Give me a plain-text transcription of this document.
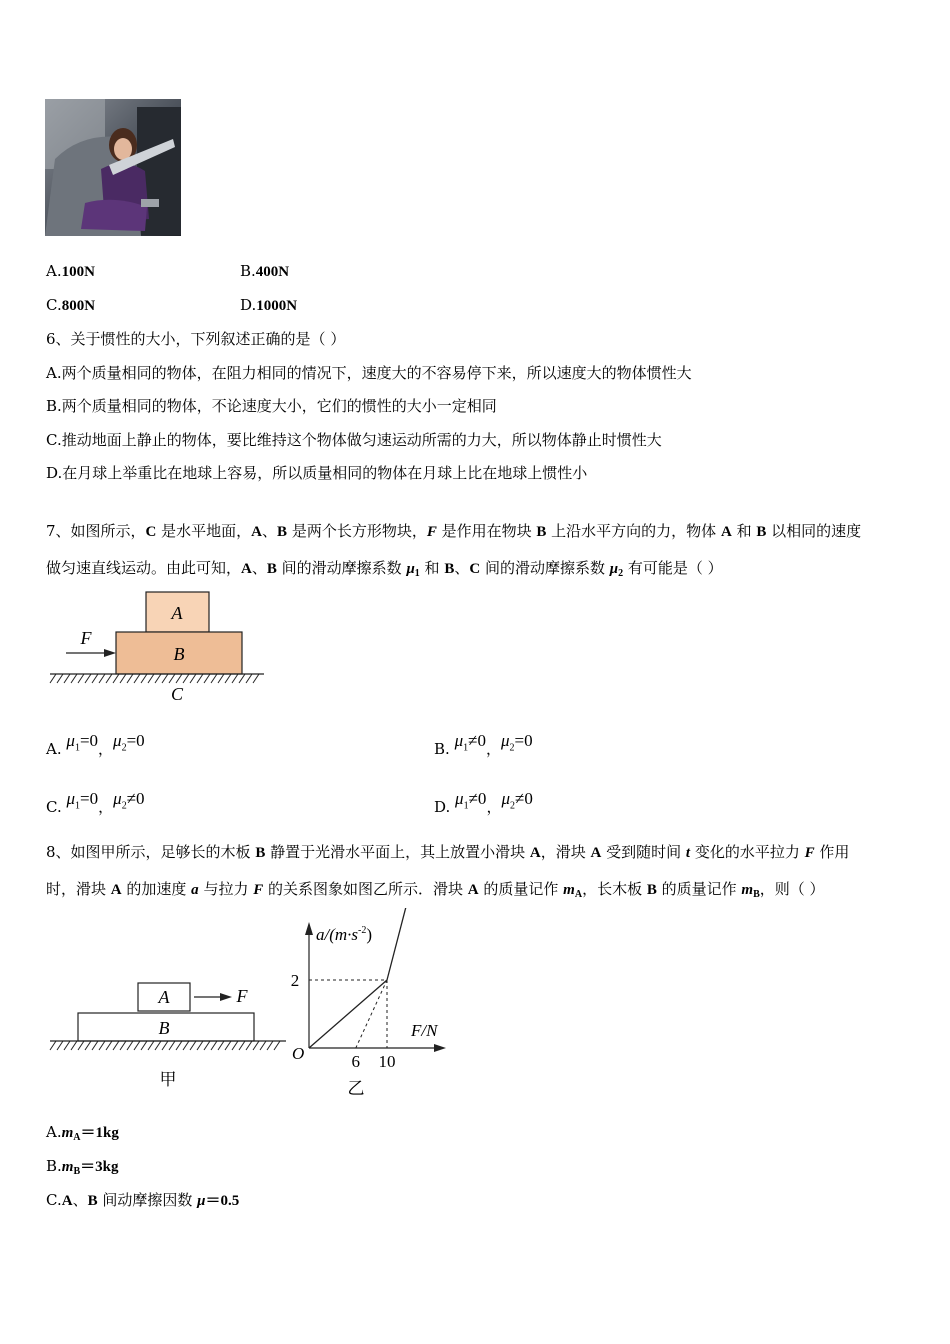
A.100N	B.400N
C.800N	D.1000N
6、关于惯性的大小，下列叙述正确的是（ ）
A.两个质量相同的物体，在阻力相同的情况下，速度大的不容易停下来，所以速度大的物体惯性大
B.两个质量相同的物体，不论速度大小，它们的惯性的大小一定相同
C.推动地面上静止的物体，要比维持这个物体做匀速运动所需的力大，所以物体静止时惯性大
D.在月球上举重比在地球上容易，所以质量相同的物体在月球上比在地球上惯性小
7、如图所示，C 是水平地面，A、B 是两个长方形物块，F 是作用在物块 B 上沿水平方向的力，物体 A 和 B 以相同的速度
做匀速直线运动。由此可知，A、B 间的滑动摩擦系数 $\mu_1$ 和 B、C 间的滑动摩擦系数 $\mu_2$ 有可能是（ ）
A
B
F
C
A. $\mu_1=0$，$\mu_2=0$	B. $\mu_1\ne 0$，$\mu_2=0$
C. $\mu_1=0$，$\mu_2\ne 0$	D. $\mu_1\ne 0$，$\mu_2\ne 0$
8、如图甲所示，足够长的木板 B 静置于光滑水平面上，其上放置小滑块 A，滑块 A 受到随时间 t 变化的水平拉力 F 作用
时，滑块 A 的加速度 a 与拉力 F 的关系图象如图乙所示．滑块 A 的质量记作 $m_A$，长木板 B 的质量记作 $m_B$，则（ ）
A	F
B
甲
$a/(m\cdot s^{-2})$
F/N
O
2
6 10
乙
$A.m_A=1kg$
$B.m_B=3kg$
C.A、B 间动摩擦因数 μ＝0.5
